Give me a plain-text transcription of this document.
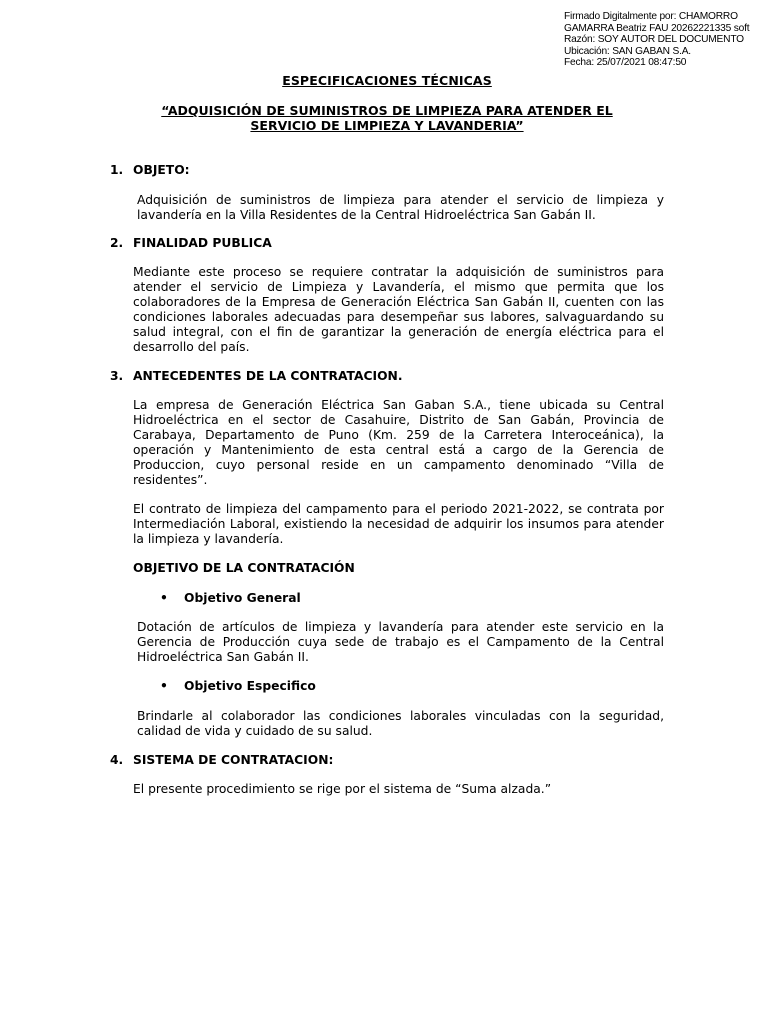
Firmado Digitalmente por: CHAMORRO
GAMARRA Beatriz FAU 20262221335 soft
Razón: SOY AUTOR DEL DOCUMENTO
Ubicación: SAN GABAN S.A.
Fecha: 25/07/2021 08:47:50
ESPECIFICACIONES TÉCNICAS
“ADQUISICIÓN DE SUMINISTROS DE LIMPIEZA PARA ATENDER EL
SERVICIO DE LIMPIEZA Y LAVANDERIA”
1. OBJETO:
Adquisición de suministros de limpieza para atender el servicio de limpieza y lavandería en la Villa Residentes de la Central Hidroeléctrica San Gabán II.
2. FINALIDAD PUBLICA
Mediante este proceso se requiere contratar la adquisición de suministros para atender el servicio de Limpieza y Lavandería, el mismo que permita que los colaboradores de la Empresa de Generación Eléctrica San Gabán II, cuenten con las condiciones laborales adecuadas para desempeñar sus labores, salvaguardando su salud integral, con el fin de garantizar la generación de energía eléctrica para el desarrollo del país.
3. ANTECEDENTES DE LA CONTRATACION.
La empresa de Generación Eléctrica San Gaban S.A., tiene ubicada su Central Hidroeléctrica en el sector de Casahuire, Distrito de San Gabán, Provincia de Carabaya, Departamento de Puno (Km. 259 de la Carretera Interoceánica), la operación y Mantenimiento de esta central está a cargo de la Gerencia de Produccion, cuyo personal reside en un campamento denominado “Villa de residentes”.
El contrato de limpieza del campamento para el periodo 2021-2022, se contrata por Intermediación Laboral, existiendo la necesidad de adquirir los insumos para atender la limpieza y lavandería.
OBJETIVO DE LA CONTRATACIÓN
• Objetivo General
Dotación de artículos de limpieza y lavandería para atender este servicio en la Gerencia de Producción cuya sede de trabajo es el Campamento de la Central Hidroeléctrica San Gabán II.
• Objetivo Especifico
Brindarle al colaborador las condiciones laborales vinculadas con la seguridad, calidad de vida y cuidado de su salud.
4. SISTEMA DE CONTRATACION:
El presente procedimiento se rige por el sistema de “Suma alzada.”
